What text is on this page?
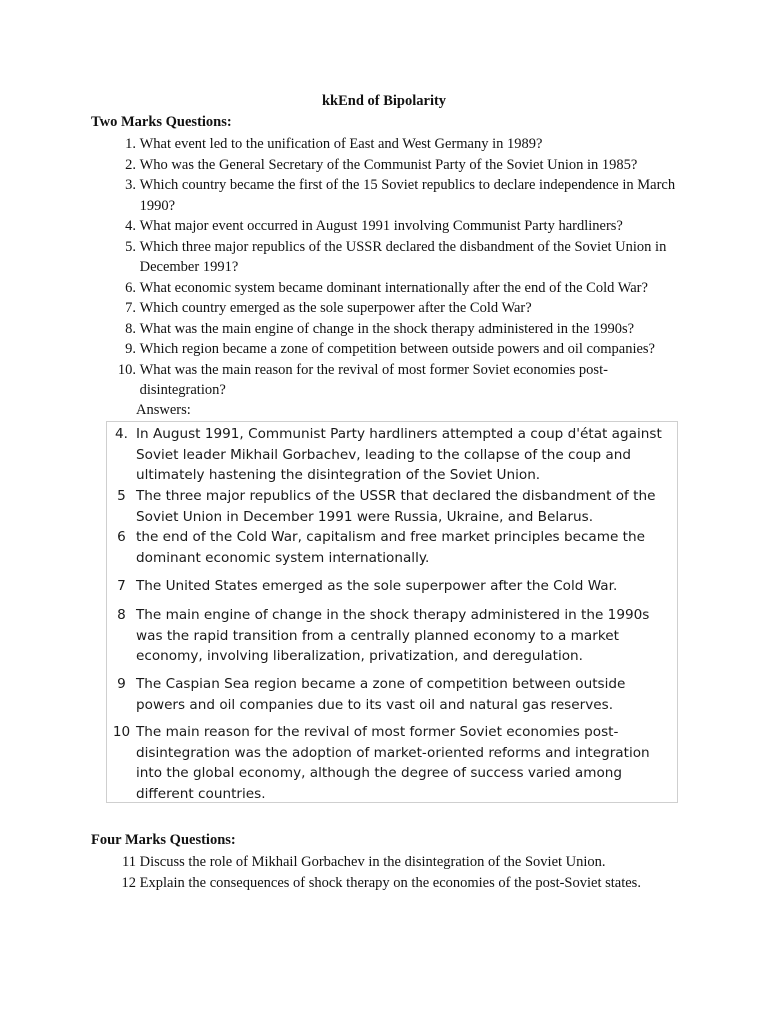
kkEnd of Bipolarity
Two Marks Questions:
1.
What event led to the unification of East and West Germany in 1989?
2.
Who was the General Secretary of the Communist Party of the Soviet Union in 1985?
3.
Which country became the first of the 15 Soviet republics to declare independence in March 1990?
4.
What major event occurred in August 1991 involving Communist Party hardliners?
5.
Which three major republics of the USSR declared the disbandment of the Soviet Union in December 1991?
6.
What economic system became dominant internationally after the end of the Cold War?
7.
Which country emerged as the sole superpower after the Cold War?
8.
What was the main engine of change in the shock therapy administered in the 1990s?
9.
Which region became a zone of competition between outside powers and oil companies?
10.
What was the main reason for the revival of most former Soviet economies post-disintegration?
Answers:
4. In August 1991, Communist Party hardliners attempted a coup d'état against Soviet leader Mikhail Gorbachev, leading to the collapse of the coup and ultimately hastening the disintegration of the Soviet Union.
5 The three major republics of the USSR that declared the disbandment of the Soviet Union in December 1991 were Russia, Ukraine, and Belarus.
6 the end of the Cold War, capitalism and free market principles became the dominant economic system internationally.
7 The United States emerged as the sole superpower after the Cold War.
8 The main engine of change in the shock therapy administered in the 1990s was the rapid transition from a centrally planned economy to a market economy, involving liberalization, privatization, and deregulation.
9 The Caspian Sea region became a zone of competition between outside powers and oil companies due to its vast oil and natural gas reserves.
10 The main reason for the revival of most former Soviet economies post-disintegration was the adoption of market-oriented reforms and integration into the global economy, although the degree of success varied among different countries.
Four Marks Questions:
11
Discuss the role of Mikhail Gorbachev in the disintegration of the Soviet Union.
12
Explain the consequences of shock therapy on the economies of the post-Soviet states.
